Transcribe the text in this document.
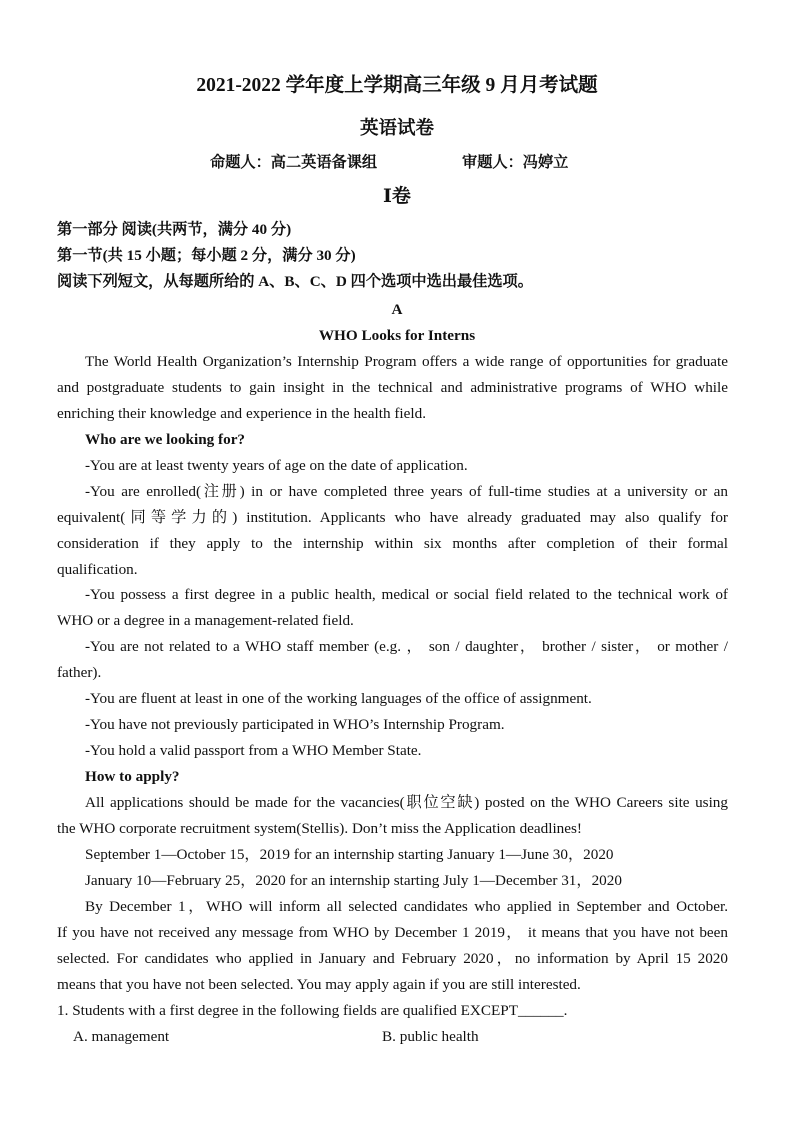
2021-2022 学年度上学期高三年级 9 月月考试题
英语试卷
命题人：高二英语备课组	审题人：冯婷立
Ⅰ卷
第一部分 阅读(共两节，满分 40 分)
第一节(共 15 小题；每小题 2 分，满分 30 分)
阅读下列短文，从每题所给的 A、B、C、D 四个选项中选出最佳选项。
A
WHO Looks for Interns
The World Health Organization’s Internship Program offers a wide range of opportunities for graduate
and postgraduate students to gain insight in the technical and administrative programs of WHO while
enriching their knowledge and experience in the health field.
Who are we looking for?
-You are at least twenty years of age on the date of application.
-You are enrolled(注册) in or have completed three years of full-time studies at a university or an
equivalent(同等学力的) institution. Applicants who have already graduated may also qualify for
consideration if they apply to the internship within six months after completion of their formal
qualification.
-You possess a first degree in a public health, medical or social field related to the technical work of
WHO or a degree in a management-related field.
-You are not related to a WHO staff member (e.g. ， son / daughter， brother / sister， or mother /
father).
-You are fluent at least in one of the working languages of the office of assignment.
-You have not previously participated in WHO’s Internship Program.
-You hold a valid passport from a WHO Member State.
How to apply?
All applications should be made for the vacancies(职位空缺) posted on the WHO Careers site using
the WHO corporate recruitment system(Stellis). Don’t miss the Application deadlines!
September 1—October 15，2019 for an internship starting January 1—June 30，2020
January 10—February 25，2020 for an internship starting July 1—December 31，2020
By December 1，WHO will inform all selected candidates who applied in September and October.
If you have not received any message from WHO by December 1 2019， it means that you have not been
selected. For candidates who applied in January and February 2020，no information by April 15 2020
means that you have not been selected. You may apply again if you are still interested.
1. Students with a first degree in the following fields are qualified EXCEPT______.
A. management	B. public health
